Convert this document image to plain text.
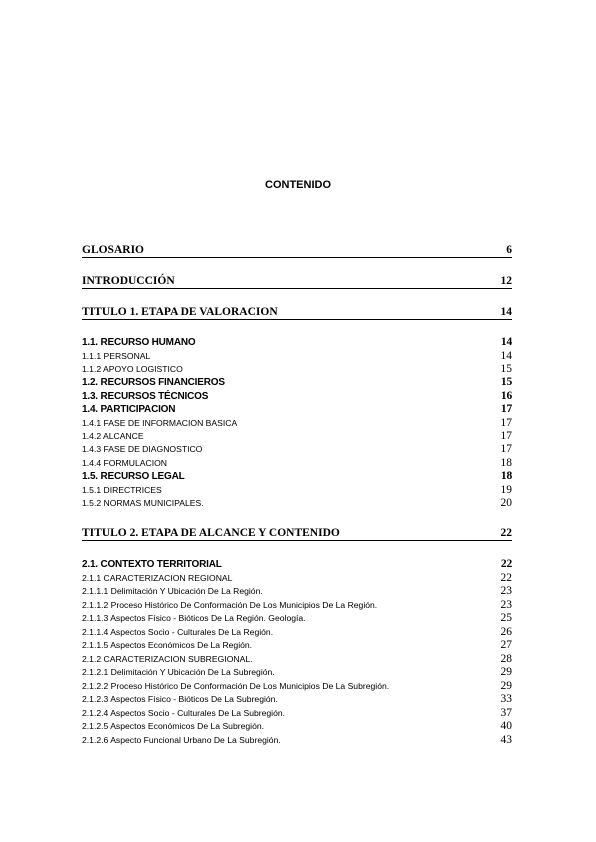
CONTENIDO
GLOSARIO	6
INTRODUCCIÓN	12
TITULO 1. ETAPA DE VALORACION	14
1.1. RECURSO HUMANO	14
1.1.1 PERSONAL	14
1.1.2 APOYO LOGISTICO	15
1.2. RECURSOS FINANCIEROS	15
1.3. RECURSOS TÉCNICOS	16
1.4. PARTICIPACION	17
1.4.1 FASE DE INFORMACION BASICA	17
1.4.2 ALCANCE	17
1.4.3 FASE DE DIAGNOSTICO	17
1.4.4 FORMULACION	18
1.5. RECURSO LEGAL	18
1.5.1 DIRECTRICES	19
1.5.2 NORMAS MUNICIPALES.	20
TITULO 2. ETAPA DE ALCANCE Y CONTENIDO	22
2.1. CONTEXTO TERRITORIAL	22
2.1.1 CARACTERIZACION REGIONAL	22
2.1.1.1 Delimitación Y Ubicación De La Región.	23
2.1.1.2 Proceso Histórico De Conformación De Los Municipios De La Región.	23
2.1.1.3 Aspectos Físico - Bióticos De La Región. Geología.	25
2.1.1.4 Aspectos Socio - Culturales De La Región.	26
2.1.1.5 Aspectos Económicos De La Región.	27
2.1.2 CARACTERIZACION SUBREGIONAL.	28
2.1.2.1 Delimitación Y Ubicación De La Subregión.	29
2.1.2.2 Proceso Histórico De Conformación De Los Municipios De La Subregión.	29
2.1.2.3 Aspectos Físico - Bióticos De La Subregión.	33
2.1.2.4 Aspectos Socio - Culturales De La Subregión.	37
2.1.2.5 Aspectos Económicos De La Subregión.	40
2.1.2.6 Aspecto Funcional Urbano De La Subregión.	43
